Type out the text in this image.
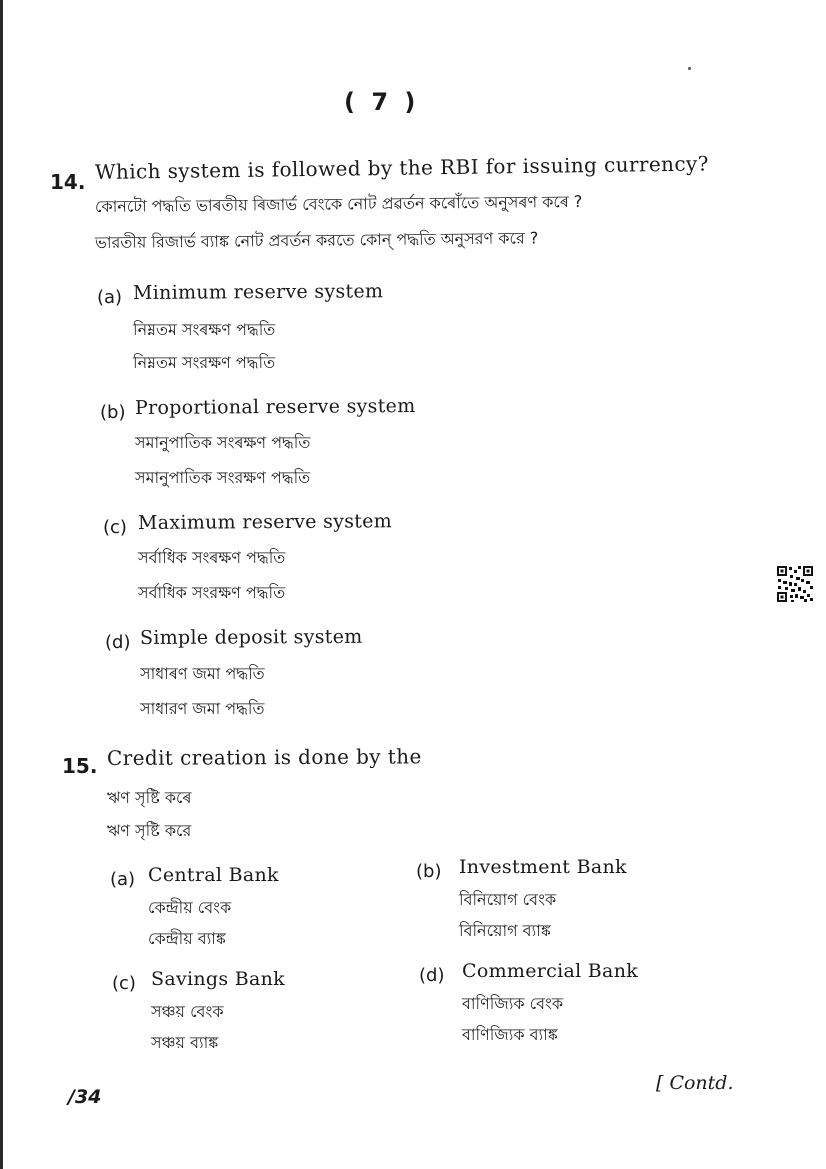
( 7 )
14. Which system is followed by the RBI for issuing currency?
কোনটো পদ্ধতি ভাৰতীয় ৰিজাৰ্ভ বেংকে নোট প্ৰৱৰ্তন কৰোঁতে অনুসৰণ কৰে ?
ভারতীয় রিজার্ভ ব্যাঙ্ক নোট প্রবর্তন করতে কোন্ পদ্ধতি অনুসরণ করে ?
(a) Minimum reserve system
নিম্নতম সংৰক্ষণ পদ্ধতি
নিম্নতম সংরক্ষণ পদ্ধতি
(b) Proportional reserve system
সমানুপাতিক সংৰক্ষণ পদ্ধতি
সমানুপাতিক সংরক্ষণ পদ্ধতি
(c) Maximum reserve system
সৰ্বাধিক সংৰক্ষণ পদ্ধতি
সর্বাধিক সংরক্ষণ পদ্ধতি
(d) Simple deposit system
সাধাৰণ জমা পদ্ধতি
সাধারণ জমা পদ্ধতি
15. Credit creation is done by the
ঋণ সৃষ্টি কৰে
ঋণ সৃষ্টি করে
(a) Central Bank
কেন্দ্ৰীয় বেংক
কেন্দ্রীয় ব্যাঙ্ক
(b) Investment Bank
বিনিয়োগ বেংক
বিনিয়োগ ব্যাঙ্ক
(c) Savings Bank
সঞ্চয় বেংক
সঞ্চয় ব্যাঙ্ক
(d) Commercial Bank
বাণিজ্যিক বেংক
বাণিজ্যিক ব্যাঙ্ক
/34
[ Contd.
